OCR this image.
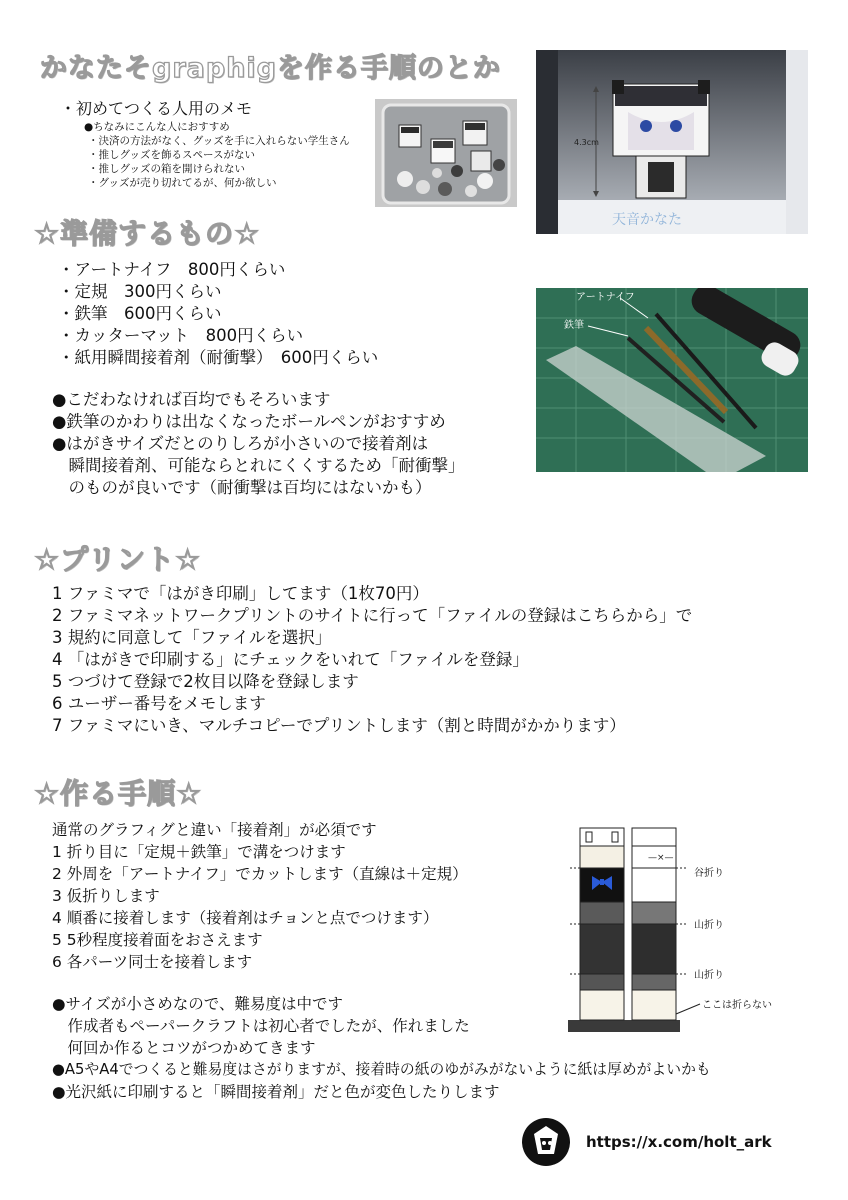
かなたそgraphigを作る手順のとか
・初めてつくる人用のメモ
●ちなみにこんな人におすすめ
・決済の方法がなく、グッズを手に入れらない学生さん
・推しグッズを飾るスペースがない
・推しグッズの箱を開けられない
・グッズが売り切れてるが、何か欲しい
4.3cm
天音かなた
☆準備するもの☆
・アートナイフ　800円くらい
・定規　300円くらい
・鉄筆　600円くらい
・カッターマット　800円くらい
・紙用瞬間接着剤（耐衝撃）　600円くらい
●こだわなければ百均でもそろいます
●鉄筆のかわりは出なくなったボールペンがおすすめ
●はがきサイズだとのりしろが小さいので接着剤は
　瞬間接着剤、可能ならとれにくくするため「耐衝撃」
　のものが良いです（耐衝撃は百均にはないかも）
アートナイフ
鉄筆
☆プリント☆
1 ファミマで「はがき印刷」してます（1枚70円）
2 ファミマネットワークプリントのサイトに行って「ファイルの登録はこちらから」で
3 規約に同意して「ファイルを選択」
4 「はがきで印刷する」にチェックをいれて「ファイルを登録」
5 つづけて登録で2枚目以降を登録します
6 ユーザー番号をメモします
7 ファミマにいき、マルチコピーでプリントします（割と時間がかかります）
☆作る手順☆
通常のグラフィグと違い「接着剤」が必須です
1 折り目に「定規＋鉄筆」で溝をつけます
2 外周を「アートナイフ」でカットします（直線は＋定規）
3 仮折りします
4 順番に接着します（接着剤はチョンと点でつけます）
5 5秒程度接着面をおさえます
6 各パーツ同士を接着します
●サイズが小さめなので、難易度は中です
　作成者もペーパークラフトは初心者でしたが、作れました
　何回か作るとコツがつかめてきます
●A5やA4でつくると難易度はさがりますが、接着時の紙のゆがみがないように紙は厚めがよいかも
●光沢紙に印刷すると「瞬間接着剤」だと色が変色したりします
—×—
谷折り
山折り
山折り
ここは折らない
https://x.com/holt_ark
